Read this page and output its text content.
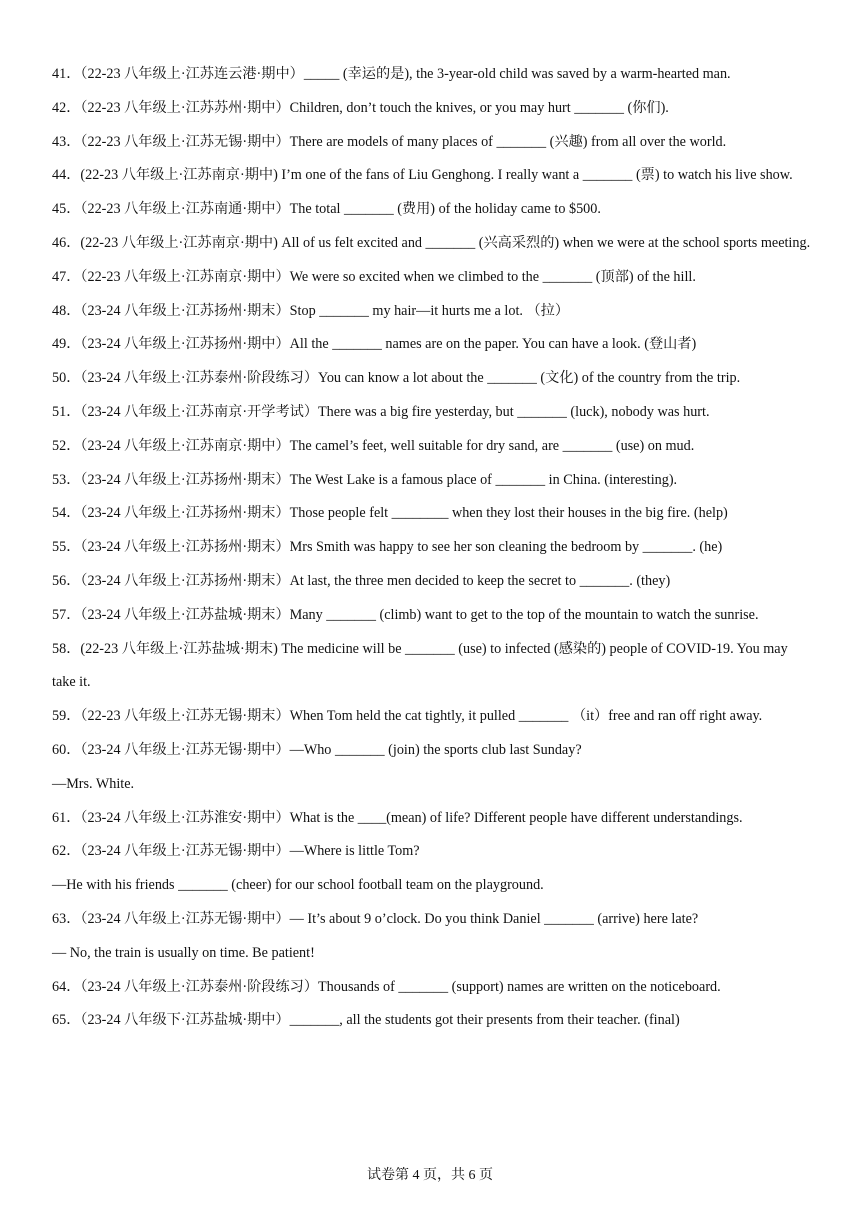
41．（22-23 八年级上·江苏连云港·期中）_____ (幸运的是), the 3-year-old child was saved by a warm-hearted man.
42．（22-23 八年级上·江苏苏州·期中）Children, don’t touch the knives, or you may hurt _______ (你们).
43．（22-23 八年级上·江苏无锡·期中）There are models of many places of _______ (兴趣) from all over the world.
44．(22-23 八年级上·江苏南京·期中) I’m one of the fans of Liu Genghong. I really want a _______ (票) to watch his live show.
45．（22-23 八年级上·江苏南通·期中）The total _______ (费用) of the holiday came to $500.
46．(22-23 八年级上·江苏南京·期中) All of us felt excited and _______ (兴高采烈的) when we were at the school sports meeting.
47．（22-23 八年级上·江苏南京·期中）We were so excited when we climbed to the _______ (顶部) of the hill.
48．（23-24 八年级上·江苏扬州·期末）Stop _______ my hair—it hurts me a lot. （拉）
49．（23-24 八年级上·江苏扬州·期中）All the _______ names are on the paper. You can have a look. (登山者)
50．（23-24 八年级上·江苏泰州·阶段练习）You can know a lot about the _______ (文化) of the country from the trip.
51．（23-24 八年级上·江苏南京·开学考试）There was a big fire yesterday, but _______ (luck), nobody was hurt.
52．（23-24 八年级上·江苏南京·期中）The camel’s feet, well suitable for dry sand, are _______ (use) on mud.
53．（23-24 八年级上·江苏扬州·期末）The West Lake is a famous place of _______ in China. (interesting).
54．（23-24 八年级上·江苏扬州·期末）Those people felt ________ when they lost their houses in the big fire. (help)
55．（23-24 八年级上·江苏扬州·期末）Mrs Smith was happy to see her son cleaning the bedroom by _______. (he)
56．（23-24 八年级上·江苏扬州·期末）At last, the three men decided to keep the secret to _______. (they)
57．（23-24 八年级上·江苏盐城·期末）Many _______ (climb) want to get to the top of the mountain to watch the sunrise.
58．(22-23 八年级上·江苏盐城·期末) The medicine will be _______ (use) to infected (感染的) people of COVID-19. You may take it.
59．（22-23 八年级上·江苏无锡·期末）When Tom held the cat tightly, it pulled _______ （it）free and ran off right away.
60．（23-24 八年级上·江苏无锡·期中）—Who _______ (join) the sports club last Sunday?
—Mrs. White.
61．（23-24 八年级上·江苏淮安·期中）What is the ____(mean) of life? Different people have different understandings.
62．（23-24 八年级上·江苏无锡·期中）—Where is little Tom?
—He with his friends _______ (cheer) for our school football team on the playground.
63．（23-24 八年级上·江苏无锡·期中）— It’s about 9 o’clock. Do you think Daniel _______ (arrive) here late?
— No, the train is usually on time. Be patient!
64．（23-24 八年级上·江苏泰州·阶段练习）Thousands of _______ (support) names are written on the noticeboard.
65．（23-24 八年级下·江苏盐城·期中）_______, all the students got their presents from their teacher. (final)
试卷第 4 页，共 6 页
